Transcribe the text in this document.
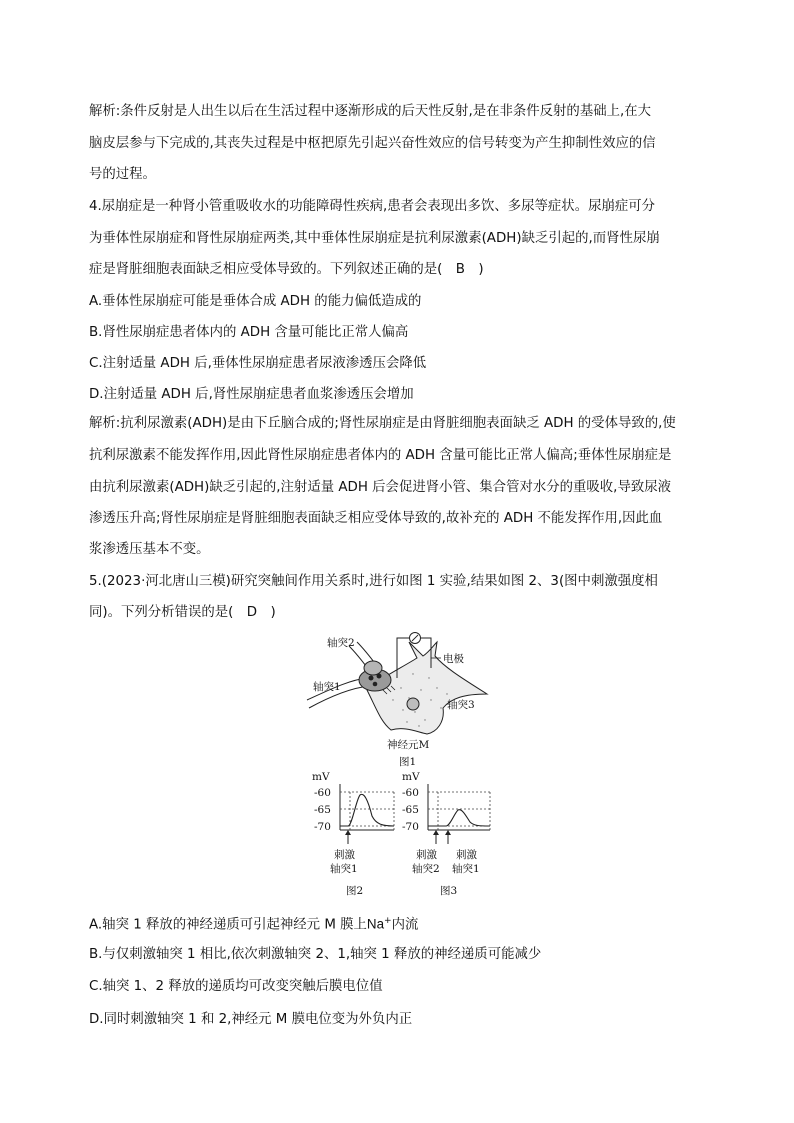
解析:条件反射是人出生以后在生活过程中逐渐形成的后天性反射,是在非条件反射的基础上,在大
脑皮层参与下完成的,其丧失过程是中枢把原先引起兴奋性效应的信号转变为产生抑制性效应的信
号的过程。
4.尿崩症是一种肾小管重吸收水的功能障碍性疾病,患者会表现出多饮、多尿等症状。尿崩症可分
为垂体性尿崩症和肾性尿崩症两类,其中垂体性尿崩症是抗利尿激素(ADH)缺乏引起的,而肾性尿崩
症是肾脏细胞表面缺乏相应受体导致的。下列叙述正确的是(　B　)
A.垂体性尿崩症可能是垂体合成 ADH 的能力偏低造成的
B.肾性尿崩症患者体内的 ADH 含量可能比正常人偏高
C.注射适量 ADH 后,垂体性尿崩症患者尿液渗透压会降低
D.注射适量 ADH 后,肾性尿崩症患者血浆渗透压会增加
解析:抗利尿激素(ADH)是由下丘脑合成的;肾性尿崩症是由肾脏细胞表面缺乏 ADH 的受体导致的,使
抗利尿激素不能发挥作用,因此肾性尿崩症患者体内的 ADH 含量可能比正常人偏高;垂体性尿崩症是
由抗利尿激素(ADH)缺乏引起的,注射适量 ADH 后会促进肾小管、集合管对水分的重吸收,导致尿液
渗透压升高;肾性尿崩症是肾脏细胞表面缺乏相应受体导致的,故补充的 ADH 不能发挥作用,因此血
浆渗透压基本不变。
5.(2023·河北唐山三模)研究突触间作用关系时,进行如图 1 实验,结果如图 2、3(图中刺激强度相
同)。下列分析错误的是(　D　)
轴突2
电极
轴突1
轴突3
神经元M
图1
mV
-60
-65
-70
刺激
轴突1
图2
mV
-60
-65
-70
刺激
轴突2
刺激
轴突1
图3
A.轴突 1 释放的神经递质可引起神经元 M 膜上Na+内流
B.与仅刺激轴突 1 相比,依次刺激轴突 2、1,轴突 1 释放的神经递质可能减少
C.轴突 1、2 释放的递质均可改变突触后膜电位值
D.同时刺激轴突 1 和 2,神经元 M 膜电位变为外负内正
